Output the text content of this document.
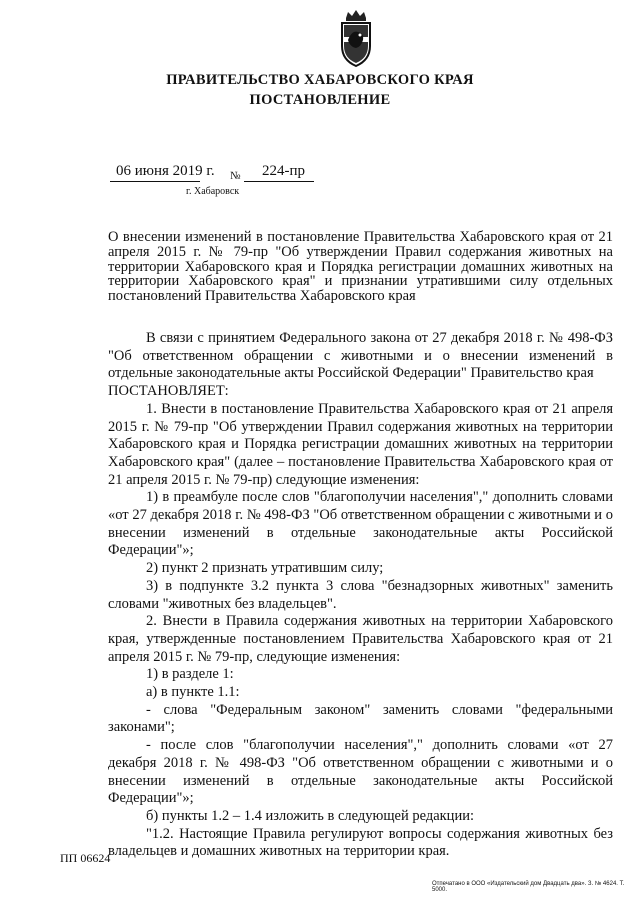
ПРАВИТЕЛЬСТВО ХАБАРОВСКОГО КРАЯ
ПОСТАНОВЛЕНИЕ
06 июня 2019 г. № 224-пр
г. Хабаровск
О внесении изменений в постановление Правительства Хабаровского края от 21 апреля 2015 г. № 79-пр "Об утверждении Правил содержания животных на территории Хабаровского края и Порядка регистрации домашних животных на территории Хабаровского края" и признании утратившими силу отдельных постановлений Правительства Хабаровского края

В связи с принятием Федерального закона от 27 декабря 2018 г. № 498-ФЗ "Об ответственном обращении с животными и о внесении изменений в отдельные законодательные акты Российской Федерации" Правительство края

ПОСТАНОВЛЯЕТ:

1. Внести в постановление Правительства Хабаровского края от 21 апреля 2015 г. № 79-пр "Об утверждении Правил содержания животных на территории Хабаровского края и Порядка регистрации домашних животных на территории Хабаровского края" (далее – постановление Правительства Хабаровского края от 21 апреля 2015 г. № 79-пр) следующие изменения:

1) в преамбуле после слов "благополучии населения"," дополнить словами «от 27 декабря 2018 г. № 498-ФЗ "Об ответственном обращении с животными и о внесении изменений в отдельные законодательные акты Российской Федерации"»;

2) пункт 2 признать утратившим силу;

3) в подпункте 3.2 пункта 3 слова "безнадзорных животных" заменить словами "животных без владельцев".

2. Внести в Правила содержания животных на территории Хабаровского края, утвержденные постановлением Правительства Хабаровского края от 21 апреля 2015 г. № 79-пр, следующие изменения:

1) в разделе 1:

а) в пункте 1.1:

- слова "Федеральным законом" заменить словами "федеральными законами";

- после слов "благополучии населения"," дополнить словами «от 27 декабря 2018 г. № 498-ФЗ "Об ответственном обращении с животными и о внесении изменений в отдельные законодательные акты Российской Федерации"»;

б) пункты 1.2 – 1.4 изложить в следующей редакции:

"1.2. Настоящие Правила регулируют вопросы содержания животных без владельцев и домашних животных на территории края.

ПП 06624
Отпечатано в ООО «Издательский дом Двадцать два». З. № 4624. Т. 5000.
